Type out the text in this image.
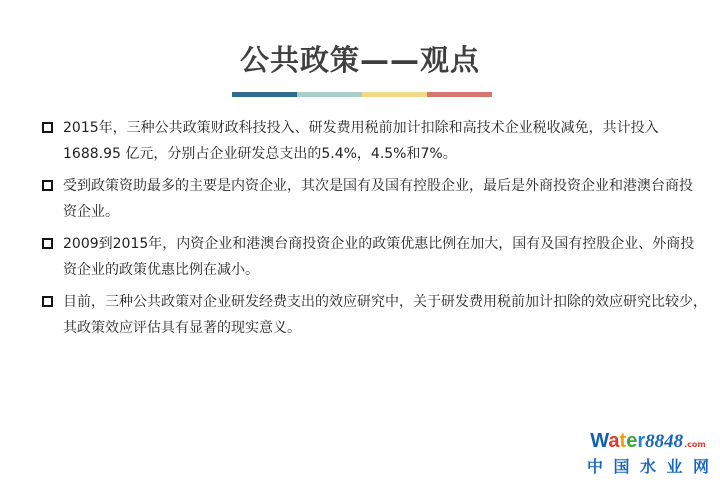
公共政策——观点
2015年，三种公共政策财政科技投入、研发费用税前加计扣除和高技术企业税收减免，共计投入
1688.95 亿元，分别占企业研发总支出的5.4%，4.5%和7%。
受到政策资助最多的主要是内资企业，其次是国有及国有控股企业，最后是外商投资企业和港澳台商投
资企业。
2009到2015年，内资企业和港澳台商投资企业的政策优惠比例在加大，国有及国有控股企业、外商投
资企业的政策优惠比例在减小。
目前，三种公共政策对企业研发经费支出的效应研究中，关于研发费用税前加计扣除的效应研究比较少，
其政策效应评估具有显著的现实意义。
Water 8848 .com
中 国 水 业 网
